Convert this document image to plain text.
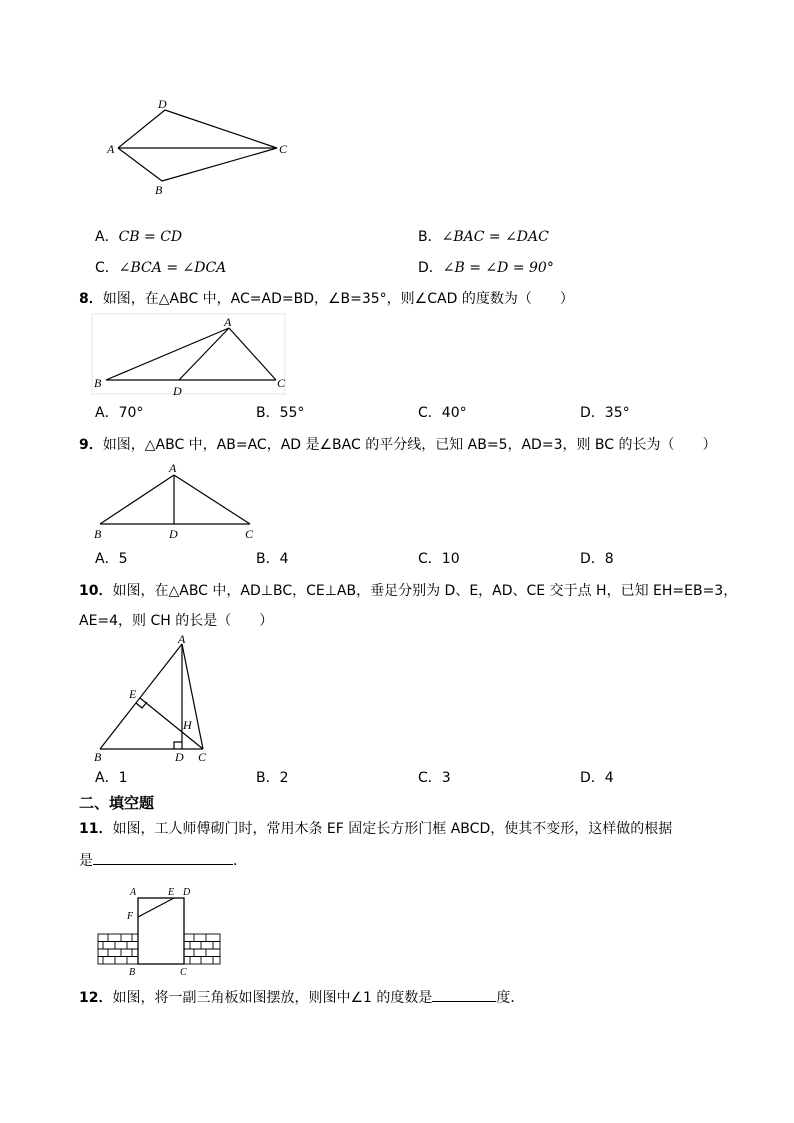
D
A	C
B
A．CB = CD	B．∠BAC = ∠DAC
C．∠BCA = ∠DCA	D．∠B = ∠D = 90°
8．如图，在△ABC 中，AC=AD=BD，∠B=35°，则∠CAD 的度数为（　　）
A
B
D
C
A．70°	B．55°	C．40°	D．35°
9．如图，△ABC 中，AB=AC，AD 是∠BAC 的平分线，已知 AB=5，AD=3，则 BC 的长为（　　）
A
B	D	C
A．5	B．4	C．10	D．8
10．如图，在△ABC 中，AD⊥BC，CE⊥AB，垂足分别为 D、E，AD、CE 交于点 H，已知 EH=EB=3，
AE=4，则 CH 的长是（　　）
A
E
H
B	D C
A．1	B．2	C．3	D．4
二、填空题
11．如图，工人师傅砌门时，常用木条 EF 固定长方形门框 ABCD，使其不变形，这样做的根据
是	．
A	E D
F
B	C
12．如图，将一副三角板如图摆放，则图中∠1 的度数是	度．
